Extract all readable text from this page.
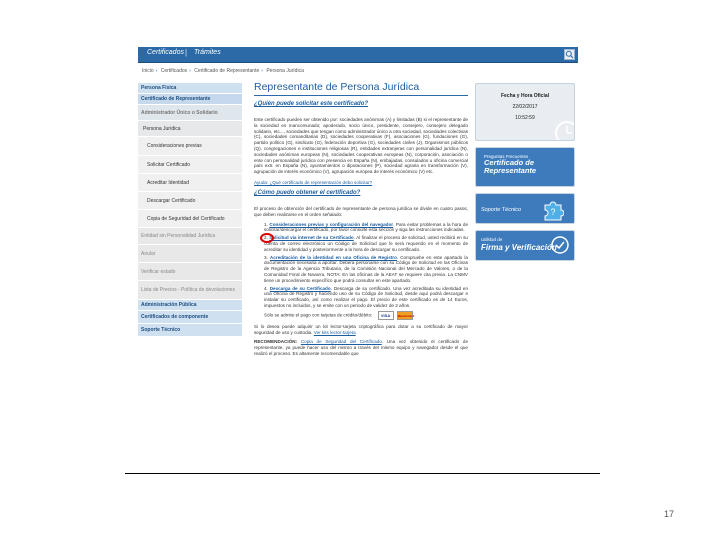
Certificados | Trámites
Inicio › Certificados › Certificado de Representante › Persona Jurídica
Persona Física
Certificado de Representante
Administrador Único o Solidario
Persona Jurídica
Consideraciones previas
Solicitar Certificado
Acreditar Identidad
Descargar Certificado
Copia de Seguridad del Certificado
Entidad sin Personalidad Jurídica
Anular
Verificar estado
Lista de Precios - Política de devoluciones
Administración Pública
Certificados de componente
Soporte Técnico
Representante de Persona Jurídica
¿Quién puede solicitar este certificado?
Este certificado pueden ser obtenido por: sociedades anónimas (A) y limitadas (B) si el representante de la sociedad es mancomunado; apoderado, socio único, presidente, consejero, consejero delegado solidario, etc..., sociedades que tengan como administrador único a otra sociedad, sociedades colectivas (C), sociedades comanditarias (D), sociedades cooperativas (F), asociaciones (G), fundaciones (G), partido político (G), sindicato (G), federación deportiva (G), sociedades civiles (J), Organismos públicos (Q), congregaciones e instituciones religiosas (R), entidades extranjeras con personalidad jurídica (N), sociedades anónimas europeas (N), sociedades cooperativas europeas (N), corporación, asociación o ente con personalidad jurídica con presencia en España (N), embajadas, consulados u oficina comercial país extr. en España (N), ayuntamientos o diputaciones (P), sociedad agraria en transformación (V), agrupación de interés económico (V), agrupación europea de interés económico (V) etc.
Ayuda: ¿Qué certificado de representación debo solicitar?
¿Cómo puedo obtener el certificado?
El proceso de obtención del certificado de representante de persona jurídica se divide en cuatro pasos, que deben realizarse en el orden señalado:
1. Consideraciones previas y configuración del navegador. Para evitar problemas a la hora de solicitar/descargar el certificado, por favor consulte esta sección y siga las instrucciones indicadas.
2. Solicitud vía internet de su Certificado. Al finalizar el proceso de solicitud, usted recibirá en su cuenta de correo electrónico un Código de Solicitud que le será requerido en el momento de acreditar su identidad y posteriormente a la hora de descargar su certificado.
3. Acreditación de la identidad en una Oficina de Registro. Compruebe en este apartado la documentación necesaria a aportar. Deberá personarse con su Código de Solicitud en las Oficinas de Registro de la Agencia Tributaria, de la Comisión Nacional del Mercado de Valores, o de la Comunidad Foral de Navarra. NOTA: En las oficinas de la AEAT se requiere cita previa. La CNMV tiene un procedimiento específico que podrá consultar en este apartado.
4. Descarga de su Certificado. Descarga de su certificado. Una vez acreditada su identidad en una Oficina de Registro y haciendo uso de su Código de Solicitud, desde aquí podrá descargar e instalar su certificado, así como realizar el pago. El precio de este certificado es de 14 Euros, impuestos no incluidos, y se emite con un periodo de validez de 2 años.
Sólo se admite el pago con tarjetas de crédito/débito: VISA	MasterCard
Si lo desea puede adquirir un kit lector-tarjeta criptográfica para dotar a su certificado de mayor seguridad de uso y custodia. Ver kits lector-tarjeta
RECOMENDACIÓN: Copia de Seguridad del Certificado. Una vez obtenido el certificado de representante, ya puede hacer uso del mismo a través del mismo equipo y navegador desde el que realizó el proceso. Es altamente recomendable que
Fecha y Hora Oficial
22/02/2017
10:52:59
Preguntas Frecuentes
Certificado de
Representante
Soporte Técnico	?
Utilidad de
Firma y Verificación
17
